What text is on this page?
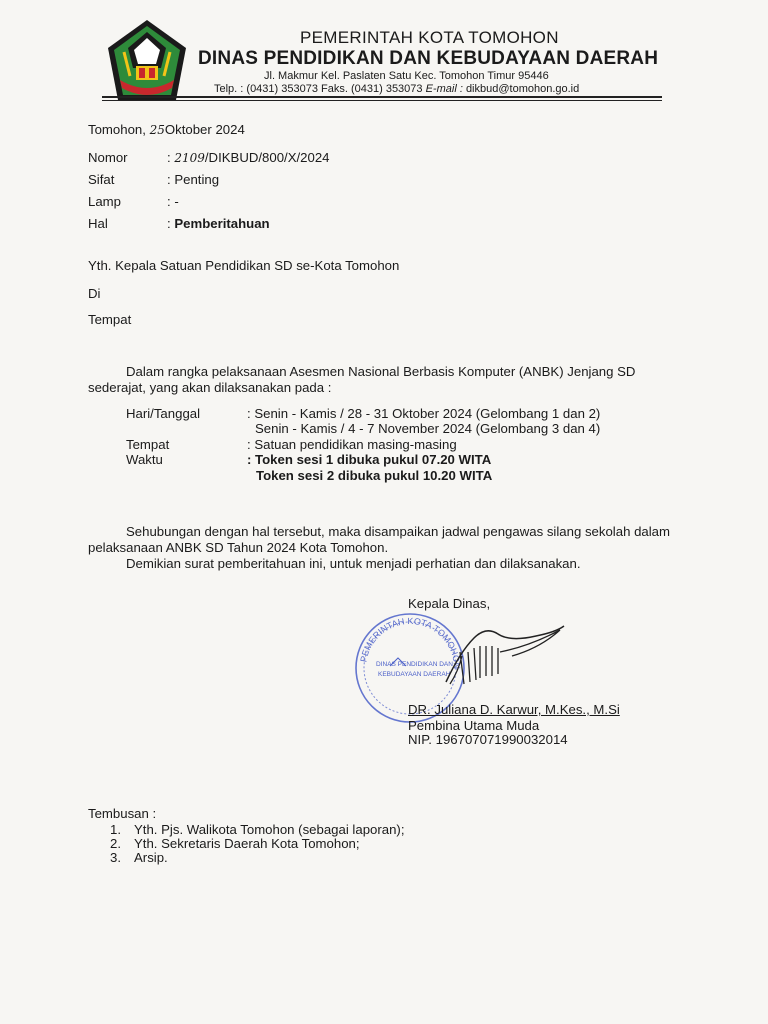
PEMERINTAH KOTA TOMOHON
DINAS PENDIDIKAN DAN KEBUDAYAAN DAERAH
Jl. Makmur Kel. Paslaten Satu Kec. Tomohon Timur 95446
Telp. : (0431) 353073 Faks. (0431) 353073 E-mail : dikbud@tomohon.go.id
Tomohon, 25Oktober 2024
Nomor	: 2109/DIKBUD/800/X/2024
Sifat	: Penting
Lamp	: -
Hal	: Pemberitahuan
Yth. Kepala Satuan Pendidikan SD se-Kota Tomohon
Di
Tempat
Dalam rangka pelaksanaan Asesmen Nasional Berbasis Komputer (ANBK) Jenjang SD
sederajat, yang akan dilaksanakan pada :
Hari/Tanggal	: Senin - Kamis / 28 - 31 Oktober 2024 (Gelombang 1 dan 2)
Senin - Kamis / 4 - 7 November 2024 (Gelombang 3 dan 4)
Tempat	: Satuan pendidikan masing-masing
Waktu	: Token sesi 1 dibuka pukul 07.20 WITA
Token sesi 2 dibuka pukul 10.20 WITA
Sehubungan dengan hal tersebut, maka disampaikan jadwal pengawas silang sekolah dalam
pelaksanaan ANBK SD Tahun 2024 Kota Tomohon.
Demikian surat pemberitahuan ini, untuk menjadi perhatian dan dilaksanakan.
Kepala Dinas,
PEMERINTAH KOTA TOMOHON
DINAS PENDIDIKAN DAN
KEBUDAYAAN DAERAH
DR. Juliana D. Karwur, M.Kes., M.Si
Pembina Utama Muda
NIP. 196707071990032014
Tembusan :
1. Yth. Pjs. Walikota Tomohon (sebagai laporan);
2. Yth. Sekretaris Daerah Kota Tomohon;
3. Arsip.
